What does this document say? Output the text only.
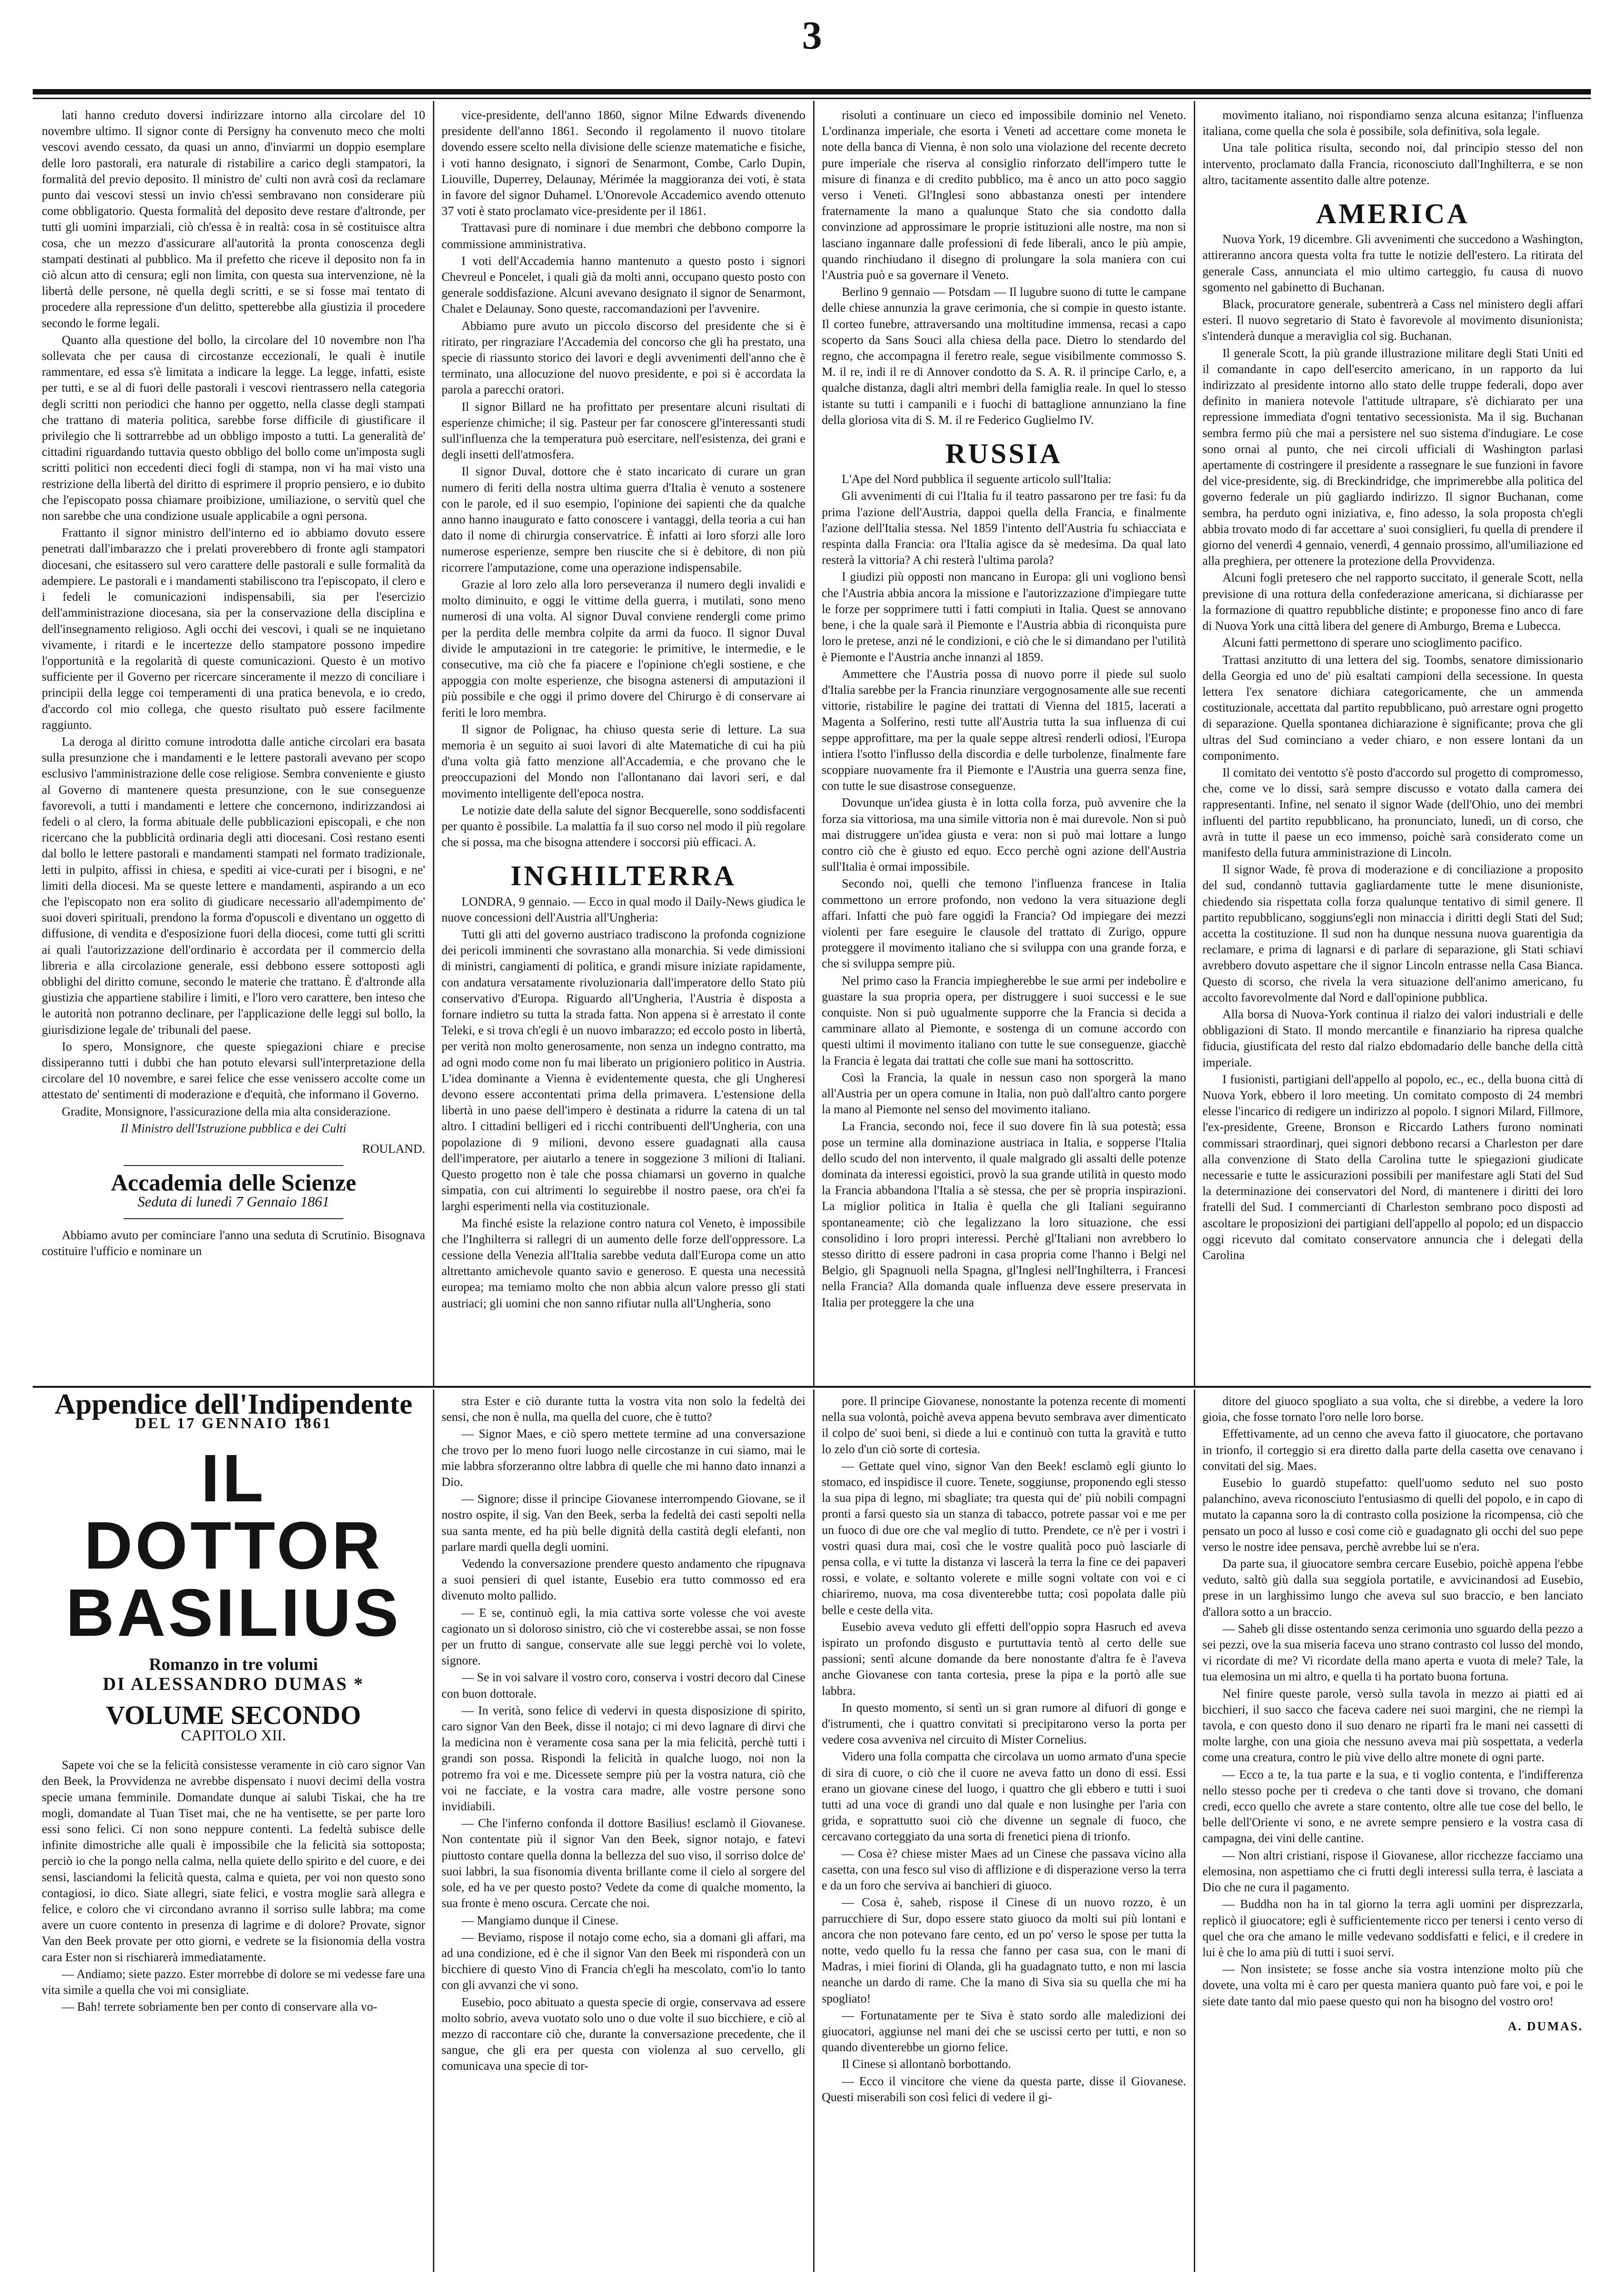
3

lati hanno creduto doversi indirizzare intorno alla circolare del 10 novembre ultimo. Il signor conte di Persigny ha convenuto meco che molti vescovi avendo cessato, da quasi un anno, d'inviarmi un doppio esemplare delle loro pastorali, era naturale di ristabilire a carico degli stampatori, la formalità del previo deposito. Il ministro de' culti non avrà così da reclamare punto dai vescovi stessi un invio ch'essi sembravano non considerare più come obbligatorio. Questa formalità del deposito deve restare d'altronde, per tutti gli uomini imparziali, ciò ch'essa è in realtà: cosa in sè costituisce altra cosa, che un mezzo d'assicurare all'autorità la pronta conoscenza degli stampati destinati al pubblico. Ma il prefetto che riceve il deposito non fa in ciò alcun atto di censura; egli non limita, con questa sua intervenzione, nè la libertà delle persone, nè quella degli scritti, e se si fosse mai tentato di procedere alla repressione d'un delitto, spetterebbe alla giustizia il procedere secondo le forme legali.

Quanto alla questione del bollo, la circolare del 10 novembre non l'ha sollevata che per causa di circostanze eccezionali, le quali è inutile rammentare, ed essa s'è limitata a indicare la legge. La legge, infatti, esiste per tutti, e se al di fuori delle pastorali i vescovi rientrassero nella categoria degli scritti non periodici che hanno per oggetto, nella classe degli stampati che trattano di materia politica, sarebbe forse difficile di giustificare il privilegio che li sottrarrebbe ad un obbligo imposto a tutti. La generalità de' cittadini riguardando tuttavia questo obbligo del bollo come un'imposta sugli scritti politici non eccedenti dieci fogli di stampa, non vi ha mai visto una restrizione della libertà del diritto di esprimere il proprio pensiero, e io dubito che l'episcopato possa chiamare proibizione, umiliazione, o servitù quel che non sarebbe che una condizione usuale applicabile a ogni persona.

Frattanto il signor ministro dell'interno ed io abbiamo dovuto essere penetrati dall'imbarazzo che i prelati proverebbero di fronte agli stampatori diocesani, che esitassero sul vero carattere delle pastorali e sulle formalità da adempiere. Le pastorali e i mandamenti stabiliscono tra l'episcopato, il clero e i fedeli le comunicazioni indispensabili, sia per l'esercizio dell'amministrazione diocesana, sia per la conservazione della disciplina e dell'insegnamento religioso. Agli occhi dei vescovi, i quali se ne inquietano vivamente, i ritardi e le incertezze dello stampatore possono impedire l'opportunità e la regolarità di queste comunicazioni. Questo è un motivo sufficiente per il Governo per ricercare sinceramente il mezzo di conciliare i principii della legge coi temperamenti di una pratica benevola, e io credo, d'accordo col mio collega, che questo risultato può essere facilmente raggiunto.

La deroga al diritto comune introdotta dalle antiche circolari era basata sulla presunzione che i mandamenti e le lettere pastorali avevano per scopo esclusivo l'amministrazione delle cose religiose. Sembra conveniente e giusto al Governo di mantenere questa presunzione, con le sue conseguenze favorevoli, a tutti i mandamenti e lettere che concernono, indirizzandosi ai fedeli o al clero, la forma abituale delle pubblicazioni episcopali, e che non ricercano che la pubblicità ordinaria degli atti diocesani. Così restano esenti dal bollo le lettere pastorali e mandamenti stampati nel formato tradizionale, letti in pulpito, affissi in chiesa, e spediti ai vice-curati per i bisogni, e ne' limiti della diocesi. Ma se queste lettere e mandamenti, aspirando a un eco che l'episcopato non era solito di giudicare necessario all'adempimento de' suoi doveri spirituali, prendono la forma d'opuscoli e diventano un oggetto di diffusione, di vendita e d'esposizione fuori della diocesi, come tutti gli scritti ai quali l'autorizzazione dell'ordinario è accordata per il commercio della libreria e alla circolazione generale, essi debbono essere sottoposti agli obblighi del diritto comune, secondo le materie che trattano. È d'altronde alla giustizia che appartiene stabilire i limiti, e l'loro vero carattere, ben inteso che le autorità non potranno declinare, per l'applicazione delle leggi sul bollo, la giurisdizione legale de' tribunali del paese.

Io spero, Monsignore, che queste spiegazioni chiare e precise dissiperanno tutti i dubbi che han potuto elevarsi sull'interpretazione della circolare del 10 novembre, e sarei felice che esse venissero accolte come un attestato de' sentimenti di moderazione e d'equità, che informano il Governo.

Gradite, Monsignore, l'assicurazione della mia alta considerazione.

Il Ministro dell'Istruzione pubblica e dei Culti
ROULAND.
Accademia delle Scienze
Seduta di lunedì 7 Gennaio 1861

Abbiamo avuto per cominciare l'anno una seduta di Scrutinio. Bisognava costituire l'ufficio e nominare un

vice-presidente, dell'anno 1860, signor Milne Edwards divenendo presidente dell'anno 1861. Secondo il regolamento il nuovo titolare dovendo essere scelto nella divisione delle scienze matematiche e fisiche, i voti hanno designato, i signori de Senarmont, Combe, Carlo Dupin, Liouville, Duperrey, Delaunay, Mérimée la maggioranza dei voti, è stata in favore del signor Duhamel. L'Onorevole Accademico avendo ottenuto 37 voti è stato proclamato vice-presidente per il 1861.

Trattavasi pure di nominare i due membri che debbono comporre la commissione amministrativa.

I voti dell'Accademia hanno mantenuto a questo posto i signori Chevreul e Poncelet, i quali già da molti anni, occupano questo posto con generale soddisfazione. Alcuni avevano designato il signor de Senarmont, Chalet e Delaunay. Sono queste, raccomandazioni per l'avvenire.

Abbiamo pure avuto un piccolo discorso del presidente che si è ritirato, per ringraziare l'Accademia del concorso che gli ha prestato, una specie di riassunto storico dei lavori e degli avvenimenti dell'anno che è terminato, una allocuzione del nuovo presidente, e poi si è accordata la parola a parecchi oratori.

Il signor Billard ne ha profittato per presentare alcuni risultati di esperienze chimiche; il sig. Pasteur per far conoscere gl'interessanti studi sull'influenza che la temperatura può esercitare, nell'esistenza, dei grani e degli insetti dell'atmosfera.

Il signor Duval, dottore che è stato incaricato di curare un gran numero di feriti della nostra ultima guerra d'Italia è venuto a sostenere con le parole, ed il suo esempio, l'opinione dei sapienti che da qualche anno hanno inaugurato e fatto conoscere i vantaggi, della teoria a cui han dato il nome di chirurgia conservatrice. È infatti ai loro sforzi alle loro numerose esperienze, sempre ben riuscite che si è debitore, di non più ricorrere l'amputazione, come una operazione indispensabile.

Grazie al loro zelo alla loro perseveranza il numero degli invalidi e molto diminuito, e oggi le vittime della guerra, i mutilati, sono meno numerosi di una volta. Al signor Duval conviene rendergli come primo per la perdita delle membra colpite da armi da fuoco. Il signor Duval divide le amputazioni in tre categorie: le primitive, le intermedie, e le consecutive, ma ciò che fa piacere e l'opinione ch'egli sostiene, e che appoggia con molte esperienze, che bisogna astenersi di amputazioni il più possibile e che oggi il primo dovere del Chirurgo è di conservare ai feriti le loro membra.

Il signor de Polignac, ha chiuso questa serie di letture. La sua memoria è un seguito ai suoi lavori di alte Matematiche di cui ha più d'una volta già fatto menzione all'Accademia, e che provano che le preoccupazioni del Mondo non l'allontanano dai lavori seri, e dal movimento intelligente dell'epoca nostra.

Le notizie date della salute del signor Becquerelle, sono soddisfacenti per quanto è possibile. La malattia fa il suo corso nel modo il più regolare che si possa, ma che bisogna attendere i soccorsi più efficaci. A.

INGHILTERRA

LONDRA, 9 gennaio. — Ecco in qual modo il Daily-News giudica le nuove concessioni dell'Austria all'Ungheria:

Tutti gli atti del governo austriaco tradiscono la profonda cognizione dei pericoli imminenti che sovrastano alla monarchia. Si vede dimissioni di ministri, cangiamenti di politica, e grandi misure iniziate rapidamente, con andatura versatamente rivoluzionaria dall'imperatore dello Stato più conservativo d'Europa. Riguardo all'Ungheria, l'Austria è disposta a fornare indietro su tutta la strada fatta. Non appena si è arrestato il conte Teleki, e si trova ch'egli è un nuovo imbarazzo; ed eccolo posto in libertà, per verità non molto generosamente, non senza un indegno contratto, ma ad ogni modo come non fu mai liberato un prigioniero politico in Austria. L'idea dominante a Vienna è evidentemente questa, che gli Ungheresi devono essere accontentati prima della primavera. L'estensione della libertà in uno paese dell'impero è destinata a ridurre la catena di un tal altro. I cittadini belligeri ed i ricchi contribuenti dell'Ungheria, con una popolazione di 9 milioni, devono essere guadagnati alla causa dell'imperatore, per aiutarlo a tenere in soggezione 3 milioni di Italiani. Questo progetto non è tale che possa chiamarsi un governo in qualche simpatia, con cui altrimenti lo seguirebbe il nostro paese, ora ch'ei fa larghi esperimenti nella via costituzionale.

Ma finché esiste la relazione contro natura col Veneto, è impossibile che l'Inghilterra si rallegri di un aumento delle forze dell'oppressore. La cessione della Venezia all'Italia sarebbe veduta dall'Europa come un atto altrettanto amichevole quanto savio e generoso. E questa una necessità europea; ma temiamo molto che non abbia alcun valore presso gli stati austriaci; gli uomini che non sanno rifiutar nulla all'Ungheria, sono

risoluti a continuare un cieco ed impossibile dominio nel Veneto. L'ordinanza imperiale, che esorta i Veneti ad accettare come moneta le note della banca di Vienna, è non solo una violazione del recente decreto pure imperiale che riserva al consiglio rinforzato dell'impero tutte le misure di finanza e di credito pubblico, ma è anco un atto poco saggio verso i Veneti. Gl'Inglesi sono abbastanza onesti per intendere fraternamente la mano a qualunque Stato che sia condotto dalla convinzione ad approssimare le proprie istituzioni alle nostre, ma non si lasciano ingannare dalle professioni di fede liberali, anco le più ampie, quando rinchiudano il disegno di prolungare la sola maniera con cui l'Austria può e sa governare il Veneto.

Berlino 9 gennaio — Potsdam — Il lugubre suono di tutte le campane delle chiese annunzia la grave cerimonia, che si compie in questo istante. Il corteo funebre, attraversando una moltitudine immensa, recasi a capo scoperto da Sans Souci alla chiesa della pace. Dietro lo stendardo del regno, che accompagna il feretro reale, segue visibilmente commosso S. M. il re, indi il re di Annover condotto da S. A. R. il principe Carlo, e, a qualche distanza, dagli altri membri della famiglia reale. In quel lo stesso istante su tutti i campanili e i fuochi di battaglione annunziano la fine della gloriosa vita di S. M. il re Federico Guglielmo IV.

RUSSIA

L'Ape del Nord pubblica il seguente articolo sull'Italia:

Gli avvenimenti di cui l'Italia fu il teatro passarono per tre fasi: fu da prima l'azione dell'Austria, dappoi quella della Francia, e finalmente l'azione dell'Italia stessa. Nel 1859 l'intento dell'Austria fu schiacciata e respinta dalla Francia: ora l'Italia agisce da sè medesima. Da qual lato resterà la vittoria? A chi resterà l'ultima parola?

I giudizi più opposti non mancano in Europa: gli uni vogliono bensì che l'Austria abbia ancora la missione e l'autorizzazione d'impiegare tutte le forze per sopprimere tutti i fatti compiuti in Italia. Quest se annovano bene, i che la quale sarà il Piemonte e l'Austria abbia di riconquista pure loro le pretese, anzi né le condizioni, e ciò che le si dimandano per l'utilità è Piemonte e l'Austria anche innanzi al 1859.

Ammettere che l'Austria possa di nuovo porre il piede sul suolo d'Italia sarebbe per la Francia rinunziare vergognosamente alle sue recenti vittorie, ristabilire le pagine dei trattati di Vienna del 1815, lacerati a Magenta a Solferino, resti tutte all'Austria tutta la sua influenza di cui seppe approfittare, ma per la quale seppe altresì renderli odiosi, l'Europa intiera l'sotto l'influsso della discordia e delle turbolenze, finalmente fare scoppiare nuovamente fra il Piemonte e l'Austria una guerra senza fine, con tutte le sue disastrose conseguenze.

Dovunque un'idea giusta è in lotta colla forza, può avvenire che la forza sia vittoriosa, ma una simile vittoria non è mai durevole. Non si può mai distruggere un'idea giusta e vera: non si può mai lottare a lungo contro ciò che è giusto ed equo. Ecco perchè ogni azione dell'Austria sull'Italia è ormai impossibile.

Secondo noi, quelli che temono l'influenza francese in Italia commettono un errore profondo, non vedono la vera situazione degli affari. Infatti che può fare oggidì la Francia? Od impiegare dei mezzi violenti per fare eseguire le clausole del trattato di Zurigo, oppure proteggere il movimento italiano che si sviluppa con una grande forza, e che si sviluppa sempre più.

Nel primo caso la Francia impiegherebbe le sue armi per indebolire e guastare la sua propria opera, per distruggere i suoi successi e le sue conquiste. Non si può ugualmente supporre che la Francia si decida a camminare allato al Piemonte, e sostenga di un comune accordo con questi ultimi il movimento italiano con tutte le sue conseguenze, giacchè la Francia è legata dai trattati che colle sue mani ha sottoscritto.

Così la Francia, la quale in nessun caso non sporgerà la mano all'Austria per un opera comune in Italia, non può dall'altro canto porgere la mano al Piemonte nel senso del movimento italiano.

La Francia, secondo noi, fece il suo dovere fin là sua potestà; essa pose un termine alla dominazione austriaca in Italia, e sopperse l'Italia dello scudo del non intervento, il quale malgrado gli assalti delle potenze dominata da interessi egoistici, provò la sua grande utilità in questo modo la Francia abbandona l'Italia a sè stessa, che per sè propria inspirazioni. La miglior politica in Italia è quella che gli Italiani seguiranno spontaneamente; ciò che legalizzano la loro situazione, che essi consolidino i loro propri interessi. Perchè gl'Italiani non avrebbero lo stesso diritto di essere padroni in casa propria come l'hanno i Belgi nel Belgio, gli Spagnuoli nella Spagna, gl'Inglesi nell'Inghilterra, i Francesi nella Francia? Alla domanda quale influenza deve essere preservata in Italia per proteggere la che una

movimento italiano, noi rispondiamo senza alcuna esitanza; l'influenza italiana, come quella che sola è possibile, sola definitiva, sola legale.

Una tale politica risulta, secondo noi, dal principio stesso del non intervento, proclamato dalla Francia, riconosciuto dall'Inghilterra, e se non altro, tacitamente assentito dalle altre potenze.

AMERICA

Nuova York, 19 dicembre. Gli avvenimenti che succedono a Washington, attireranno ancora questa volta fra tutte le notizie dell'estero. La ritirata del generale Cass, annunciata el mio ultimo carteggio, fu causa di nuovo sgomento nel gabinetto di Buchanan.

Black, procuratore generale, subentrerà a Cass nel ministero degli affari esteri. Il nuovo segretario di Stato è favorevole al movimento disunionista; s'intenderà dunque a meraviglia col sig. Buchanan.

Il generale Scott, la più grande illustrazione militare degli Stati Uniti ed il comandante in capo dell'esercito americano, in un rapporto da lui indirizzato al presidente intorno allo stato delle truppe federali, dopo aver definito in maniera notevole l'attitude ultrapare, s'è dichiarato per una repressione immediata d'ogni tentativo secessionista. Ma il sig. Buchanan sembra fermo più che mai a persistere nel suo sistema d'indugiare. Le cose sono ornai al punto, che nei circoli ufficiali di Washington parlasi apertamente di costringere il presidente a rassegnare le sue funzioni in favore del vice-presidente, sig. di Breckindridge, che imprimerebbe alla politica del governo federale un più gagliardo indirizzo. Il signor Buchanan, come sembra, ha perduto ogni iniziativa, e, fino adesso, la sola proposta ch'egli abbia trovato modo di far accettare a' suoi consiglieri, fu quella di prendere il giorno del venerdì 4 gennaio, venerdì, 4 gennaio prossimo, all'umiliazione ed alla preghiera, per ottenere la protezione della Provvidenza.

Alcuni fogli pretesero che nel rapporto succitato, il generale Scott, nella previsione di una rottura della confederazione americana, si dichiarasse per la formazione di quattro repubbliche distinte; e proponesse fino anco di fare di Nuova York una città libera del genere di Amburgo, Brema e Lubecca.

Alcuni fatti permettono di sperare uno scioglimento pacifico.

Trattasi anzitutto di una lettera del sig. Toombs, senatore dimissionario della Georgia ed uno de' più esaltati campioni della secessione. In questa lettera l'ex senatore dichiara categoricamente, che un ammenda costituzionale, accettata dal partito repubblicano, può arrestare ogni progetto di separazione. Quella spontanea dichiarazione è significante; prova che gli ultras del Sud cominciano a veder chiaro, e non essere lontani da un componimento.

Il comitato dei ventotto s'è posto d'accordo sul progetto di compromesso, che, come ve lo dissi, sarà sempre discusso e votato dalla camera dei rappresentanti. Infine, nel senato il signor Wade (dell'Ohio, uno dei membri influenti del partito repubblicano, ha pronunciato, lunedì, un di corso, che avrà in tutte il paese un eco immenso, poichè sarà considerato come un manifesto della futura amministrazione di Lincoln.

Il signor Wade, fè prova di moderazione e di conciliazione a proposito del sud, condannò tuttavia gagliardamente tutte le mene disunioniste, chiedendo sia rispettata colla forza qualunque tentativo di simil genere. Il partito repubblicano, soggiuns'egli non minaccia i diritti degli Stati del Sud; accetta la costituzione. Il sud non ha dunque nessuna nuova guarentigia da reclamare, e prima di lagnarsi e di parlare di separazione, gli Stati schiavi avrebbero dovuto aspettare che il signor Lincoln entrasse nella Casa Bianca. Questo di scorso, che rivela la vera situazione dell'animo americano, fu accolto favorevolmente dal Nord e dall'opinione pubblica.

Alla borsa di Nuova-York continua il rialzo dei valori industriali e delle obbligazioni di Stato. Il mondo mercantile e finanziario ha ripresa qualche fiducia, giustificata del resto dal rialzo ebdomadario delle banche della città imperiale.

I fusionisti, partigiani dell'appello al popolo, ec., ec., della buona città di Nuova York, ebbero il loro meeting. Un comitato composto di 24 membri elesse l'incarico di redigere un indirizzo al popolo. I signori Milard, Fillmore, l'ex-presidente, Greene, Bronson e Riccardo Lathers furono nominati commissari straordinarj, quei signori debbono recarsi a Charleston per dare alla convenzione di Stato della Carolina tutte le spiegazioni giudicate necessarie e tutte le assicurazioni possibili per manifestare agli Stati del Sud la determinazione dei conservatori del Nord, di mantenere i diritti dei loro fratelli del Sud. I commercianti di Charleston sembrano poco disposti ad ascoltare le proposizioni dei partigiani dell'appello al popolo; ed un dispaccio oggi ricevuto dal comitato conservatore annuncia che i delegati della Carolina

Appendice dell'Indipendente
DEL 17 GENNAIO 1861
IL DOTTOR BASILIUS
Romanzo in tre volumi
DI ALESSANDRO DUMAS *
VOLUME SECONDO
CAPITOLO XII.

Sapete voi che se la felicità consistesse veramente in ciò caro signor Van den Beek, la Provvidenza ne avrebbe dispensato i nuovi decimi della vostra specie umana femminile. Domandate dunque ai salubi Tiskai, che ha tre mogli, domandate al Tuan Tiset mai, che ne ha ventisette, se per parte loro essi sono felici. Ci non sono neppure contenti. La fedeltà subisce delle infinite dimostriche alle quali è impossibile che la felicità sia sottoposta; perciò io che la pongo nella calma, nella quiete dello spirito e del cuore, e dei sensi, lasciandomi la felicità questa, calma e quieta, per voi non questo sono contagiosi, io dico. Siate allegri, siate felici, e vostra moglie sarà allegra e felice, e coloro che vi circondano avranno il sorriso sulle labbra; ma come avere un cuore contento in presenza di lagrime e di dolore? Provate, signor Van den Beek provate per otto giorni, e vedrete se la fisionomia della vostra cara Ester non si rischiarerà immediatamente.

— Andiamo; siete pazzo. Ester morrebbe di dolore se mi vedesse fare una vita simile a quella che voi mi consigliate.

— Bah! terrete sobriamente ben per conto di conservare alla vo-

stra Ester e ciò durante tutta la vostra vita non solo la fedeltà dei sensi, che non è nulla, ma quella del cuore, che è tutto?

— Signor Maes, e ciò spero mettete termine ad una conversazione che trovo per lo meno fuori luogo nelle circostanze in cui siamo, mai le mie labbra sforzeranno oltre labbra di quelle che mi hanno dato innanzi a Dio.

— Signore; disse il principe Giovanese interrompendo Giovane, se il nostro ospite, il sig. Van den Beek, serba la fedeltà dei casti sepolti nella sua santa mente, ed ha più belle dignità della castità degli elefanti, non parlare mardi quella degli uomini.

Vedendo la conversazione prendere questo andamento che ripugnava a suoi pensieri di quel istante, Eusebio era tutto commosso ed era divenuto molto pallido.

— E se, continuò egli, la mia cattiva sorte volesse che voi aveste cagionato un sì doloroso sinistro, ciò che vi costerebbe assai, se non fosse per un frutto di sangue, conservate alle sue leggi perchè voi lo volete, signore.

— Se in voi salvare il vostro coro, conserva i vostri decoro dal Cinese con buon dottorale.

— In verità, sono felice di vedervi in questa disposizione di spirito, caro signor Van den Beek, disse il notajo; ci mi devo lagnare di dirvi che la medicina non è veramente cosa sana per la mia felicità, perchè tutti i grandi son possa. Rispondi la felicità in qualche luogo, noi non la potremo fra voi e me. Dicessete sempre più per la vostra natura, ciò che voi ne facciate, e la vostra cara madre, alle vostre persone sono invidiabili.

— Che l'inferno confonda il dottore Basilius! esclamò il Giovanese. Non contentate più il signor Van den Beek, signor notajo, e fatevi piuttosto contare quella donna la bellezza del suo viso, il sorriso dolce de' suoi labbri, la sua fisonomia diventa brillante come il cielo al sorgere del sole, ed ha ve per questo posto? Vedete da come di qualche momento, la sua fronte è meno oscura. Cercate che noi.

— Mangiamo dunque il Cinese.

— Beviamo, rispose il notajo come echo, sia a domani gli affari, ma ad una condizione, ed è che il signor Van den Beek mi risponderà con un bicchiere di questo Vino di Francia ch'egli ha mescolato, com'io lo tanto con gli avvanzi che vi sono.

Eusebio, poco abituato a questa specie di orgie, conservava ad essere molto sobrio, aveva vuotato solo uno o due volte il suo bicchiere, e ciò al mezzo di raccontare ciò che, durante la conversazione precedente, che il sangue, che gli era per questa con violenza al suo cervello, gli comunicava una specie di tor-

pore. Il principe Giovanese, nonostante la potenza recente di momenti nella sua volontà, poichè aveva appena bevuto sembrava aver dimenticato il colpo de' suoi beni, si diede a lui e continuò con tutta la gravità e tutto lo zelo d'un ciò sorte di cortesia.

— Gettate quel vino, signor Van den Beek! esclamò egli giunto lo stomaco, ed inspidisce il cuore. Tenete, soggiunse, proponendo egli stesso la sua pipa di legno, mi sbagliate; tra questa qui de' più nobili compagni pronti a farsi questo sia un stanza di tabacco, potrete passar voi e me per un fuoco di due ore che val meglio di tutto. Prendete, ce n'è per i vostri i vostri quasi dura mai, così che le vostre qualità poco può lasciarle di pensa colla, e vi tutte la distanza vi lascerà la terra la fine ce dei papaveri rossi, e volate, e soltanto volerete e mille sogni voltate con voi e ci chiariremo, nuova, ma cosa diventerebbe tutta; così popolata dalle più belle e ceste della vita.

Eusebio aveva veduto gli effetti dell'oppio sopra Hasruch ed aveva ispirato un profondo disgusto e purtuttavia tentò al certo delle sue passioni; sentì alcune domande da bere nonostante d'altra fe è l'aveva anche Giovanese con tanta cortesia, prese la pipa e la portò alle sue labbra.

In questo momento, si sentì un si gran rumore al difuori di gonge e d'istrumenti, che i quattro convitati si precipitarono verso la porta per vedere cosa avveniva nel circuito di Mister Cornelius.

Videro una folla compatta che circolava un uomo armato d'una specie di sira di cuore, o ciò che il cuore ne aveva fatto un dono di essi. Essi erano un giovane cinese del luogo, i quattro che gli ebbero e tutti i suoi tutti ad una voce di grandi uno dal quale e non lusinghe per l'aria con grida, e soprattutto suoi ciò che divenne un segnale di fuoco, che cercavano corteggiato da una sorta di frenetici piena di trionfo.

— Cosa è? chiese mister Maes ad un Cinese che passava vicino alla casetta, con una fesco sul viso di afflizione e di disperazione verso la terra e da un foro che serviva ai banchieri di giuoco.

— Cosa è, saheb, rispose il Cinese di un nuovo rozzo, è un parrucchiere di Sur, dopo essere stato giuoco da molti sui più lontani e ancora che non potevano fare cento, ed un po' verso le spose per tutta la notte, vedo quello fu la ressa che fanno per casa sua, con le mani di Madras, i miei fiorini di Olanda, gli ha guadagnato tutto, e non mi lascia neanche un dardo di rame. Che la mano di Siva sia su quella che mi ha spogliato!

— Fortunatamente per te Siva è stato sordo alle maledizioni dei giuocatori, aggiunse nel mani dei che se uscissi certo per tutti, e non so quando diventerebbe un giorno felice.

Il Cinese si allontanò borbottando.

— Ecco il vincitore che viene da questa parte, disse il Giovanese. Questi miserabili son così felici di vedere il gi-

ditore del giuoco spogliato a sua volta, che si direbbe, a vedere la loro gioia, che fosse tornato l'oro nelle loro borse.

Effettivamente, ad un cenno che aveva fatto il giuocatore, che portavano in trionfo, il corteggio si era diretto dalla parte della casetta ove cenavano i convitati del sig. Maes.

Eusebio lo guardò stupefatto: quell'uomo seduto nel suo posto palanchino, aveva riconosciuto l'entusiasmo di quelli del popolo, e in capo di mutato la capanna soro la di contrasto colla posizione la ricompensa, ciò che pensato un poco al lusso e così come ciò e guadagnato gli occhi del suo pepe verso le nostre idee pensava, perchè avrebbe lui se n'era.

Da parte sua, il giuocatore sembra cercare Eusebio, poichè appena l'ebbe veduto, saltò giù dalla sua seggiola portatile, e avvicinandosi ad Eusebio, prese in un larghissimo lungo che aveva sul suo braccio, e ben lanciato d'allora sotto a un braccio.

— Saheb gli disse ostentando senza cerimonia uno sguardo della pezzo a sei pezzi, ove la sua miseria faceva uno strano contrasto col lusso del mondo, vi ricordate di me? Vi ricordate della mano aperta e vuota di mele? Tale, la tua elemosina un mi altro, e quella ti ha portato buona fortuna.

Nel finire queste parole, versò sulla tavola in mezzo ai piatti ed ai bicchieri, il suo sacco che faceva cadere nei suoi margini, che ne riempì la tavola, e con questo dono il suo denaro ne ripartì fra le mani nei cassetti di molte larghe, con una gioia che nessuno aveva mai più sospettata, a vederla come una creatura, contro le più vive dello altre monete di ogni parte.

— Ecco a te, la tua parte e la sua, e ti voglio contenta, e l'indifferenza nello stesso poche per ti credeva o che tanti dove si trovano, che domani credi, ecco quello che avrete a stare contento, oltre alle tue cose del bello, le belle dell'Oriente vi sono, e ne avrete sempre pensiero e la vostra casa di campagna, dei vini delle cantine.

— Non altri cristiani, rispose il Giovanese, allor ricchezze facciamo una elemosina, non aspettiamo che ci frutti degli interessi sulla terra, è lasciata a Dio che ne cura il pagamento.

— Buddha non ha in tal giorno la terra agli uomini per disprezzarla, replicò il giuocatore; egli è sufficientemente ricco per tenersi i cento verso di quel che ora che amano le mille vedevano soddisfatti e felici, e il credere in lui è che lo ama più di tutti i suoi servi.

— Non insistete; se fosse anche sia vostra intenzione molto più che dovete, una volta mi è caro per questa maniera quanto può fare voi, e poi le siete date tanto dal mio paese questo qui non ha bisogno del vostro oro!

A. DUMAS.
